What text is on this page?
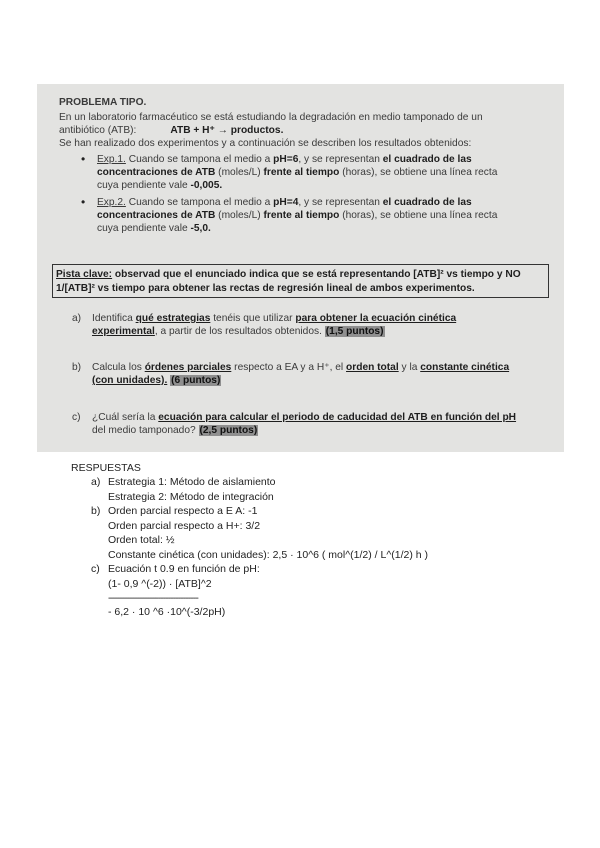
PROBLEMA TIPO.
En un laboratorio farmacéutico se está estudiando la degradación en medio tamponado de un
antibiótico (ATB):	ATB + H⁺ → productos.
Se han realizado dos experimentos y a continuación se describen los resultados obtenidos:
• Exp.1. Cuando se tampona el medio a pH=6, y se representan el cuadrado de las
concentraciones de ATB (moles/L) frente al tiempo (horas), se obtiene una línea recta
cuya pendiente vale -0,005.
• Exp.2. Cuando se tampona el medio a pH=4, y se representan el cuadrado de las
concentraciones de ATB (moles/L) frente al tiempo (horas), se obtiene una línea recta
cuya pendiente vale -5,0.
Pista clave: observad que el enunciado indica que se está representando [ATB]² vs tiempo y NO
1/[ATB]² vs tiempo para obtener las rectas de regresión lineal de ambos experimentos.
a) Identifica qué estrategias tenéis que utilizar para obtener la ecuación cinética
experimental, a partir de los resultados obtenidos. (1,5 puntos)
b) Calcula los órdenes parciales respecto a EA y a H⁺, el orden total y la constante cinética
(con unidades). (6 puntos)
c) ¿Cuál sería la ecuación para calcular el periodo de caducidad del ATB en función del pH
del medio tamponado? (2,5 puntos)
RESPUESTAS
a) Estrategia 1: Método de aislamiento
Estrategia 2: Método de integración
b) Orden parcial respecto a E A: -1
Orden parcial respecto a H+: 3/2
Orden total: ½
Constante cinética (con unidades): 2,5 · 10^6 ( mol^(1/2) / L^(1/2) h )
c) Ecuación t 0.9 en función de pH:
(1- 0,9 ^(-2)) · [ATB]^2
------------------------------------
- 6,2 · 10 ^6 ·10^(-3/2pH)
